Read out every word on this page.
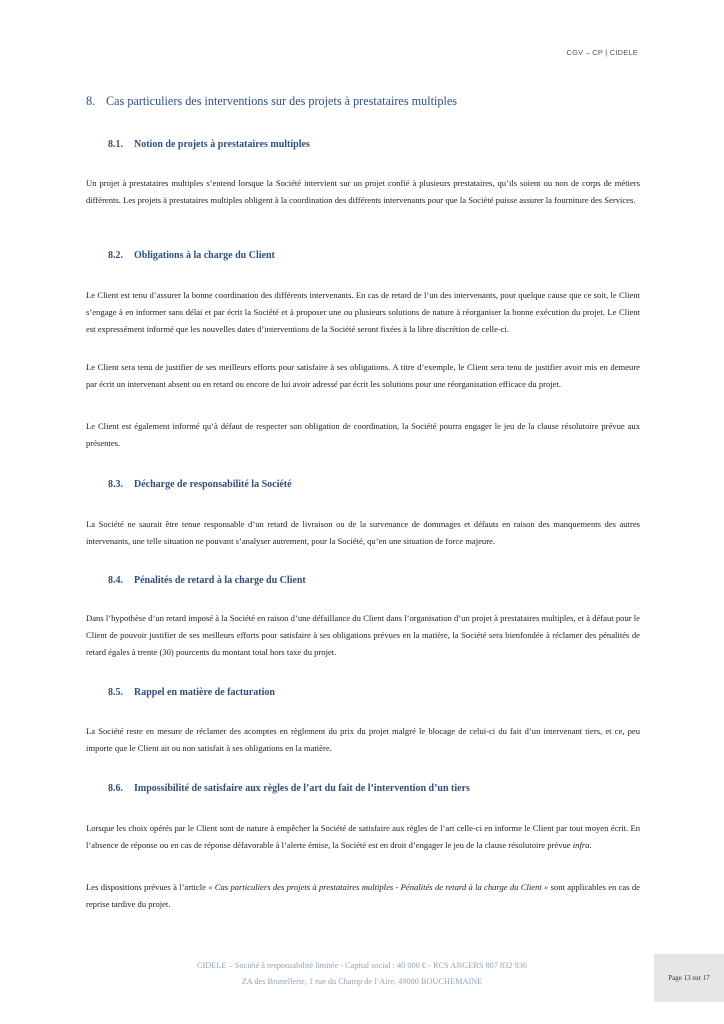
CGV – CP | CIDELE
8. Cas particuliers des interventions sur des projets à prestataires multiples
8.1. Notion de projets à prestataires multiples
Un projet à prestataires multiples s’entend lorsque la Société intervient sur un projet confié à plusieurs prestataires, qu’ils soient ou non de corps de métiers différents. Les projets à prestataires multiples obligent à la coordination des différents intervenants pour que la Société puisse assurer la fourniture des Services.
8.2. Obligations à la charge du Client
Le Client est tenu d’assurer la bonne coordination des différents intervenants. En cas de retard de l’un des intervenants, pour quelque cause que ce soit, le Client s’engage à en informer sans délai et par écrit la Société et à proposer une ou plusieurs solutions de nature à réorganiser la bonne exécution du projet. Le Client est expressément informé que les nouvelles dates d’interventions de la Société seront fixées à la libre discrétion de celle-ci.
Le Client sera tenu de justifier de ses meilleurs efforts pour satisfaire à ses obligations. A titre d’exemple, le Client sera tenu de justifier avoir mis en demeure par écrit un intervenant absent ou en retard ou encore de lui avoir adressé par écrit les solutions pour une réorganisation efficace du projet.
Le Client est également informé qu’à défaut de respecter son obligation de coordination, la Société pourra engager le jeu de la clause résolutoire prévue aux présentes.
8.3. Décharge de responsabilité la Société
La Société ne saurait être tenue responsable d’un retard de livraison ou de la survenance de dommages et défauts en raison des manquements des autres intervenants, une telle situation ne pouvant s’analyser autrement, pour la Société, qu’en une situation de force majeure.
8.4. Pénalités de retard à la charge du Client
Dans l’hypothèse d’un retard imposé à la Société en raison d’une défaillance du Client dans l’organisation d’un projet à prestataires multiples, et à défaut pour le Client de pouvoir justifier de ses meilleurs efforts pour satisfaire à ses obligations prévues en la matière, la Société sera bienfondée à réclamer des pénalités de retard égales à trente (30) pourcents du montant total hors taxe du projet.
8.5. Rappel en matière de facturation
La Société reste en mesure de réclamer des acomptes en règlement du prix du projet malgré le blocage de celui-ci du fait d’un intervenant tiers, et ce, peu importe que le Client ait ou non satisfait à ses obligations en la matière.
8.6. Impossibilité de satisfaire aux règles de l’art du fait de l’intervention d’un tiers
Lorsque les choix opérés par le Client sont de nature à empêcher la Société de satisfaire aux règles de l’art celle-ci en informe le Client par tout moyen écrit. En l’absence de réponse ou en cas de réponse défavorable à l’alerte émise, la Société est en droit d’engager le jeu de la clause résolutoire prévue infra.
Les dispositions prévues à l’article « Cas particuliers des projets à prestataires multiples - Pénalités de retard à la charge du Client » sont applicables en cas de reprise tardive du projet.
CIDELE – Société à responsabilité limitée - Capital social : 40 000 € - RCS ANGERS 807 832 936
ZA des Brunellerie, 1 rue du Champ de l’Aire, 49080 BOUCHEMAINE	Page 13 sur 17
